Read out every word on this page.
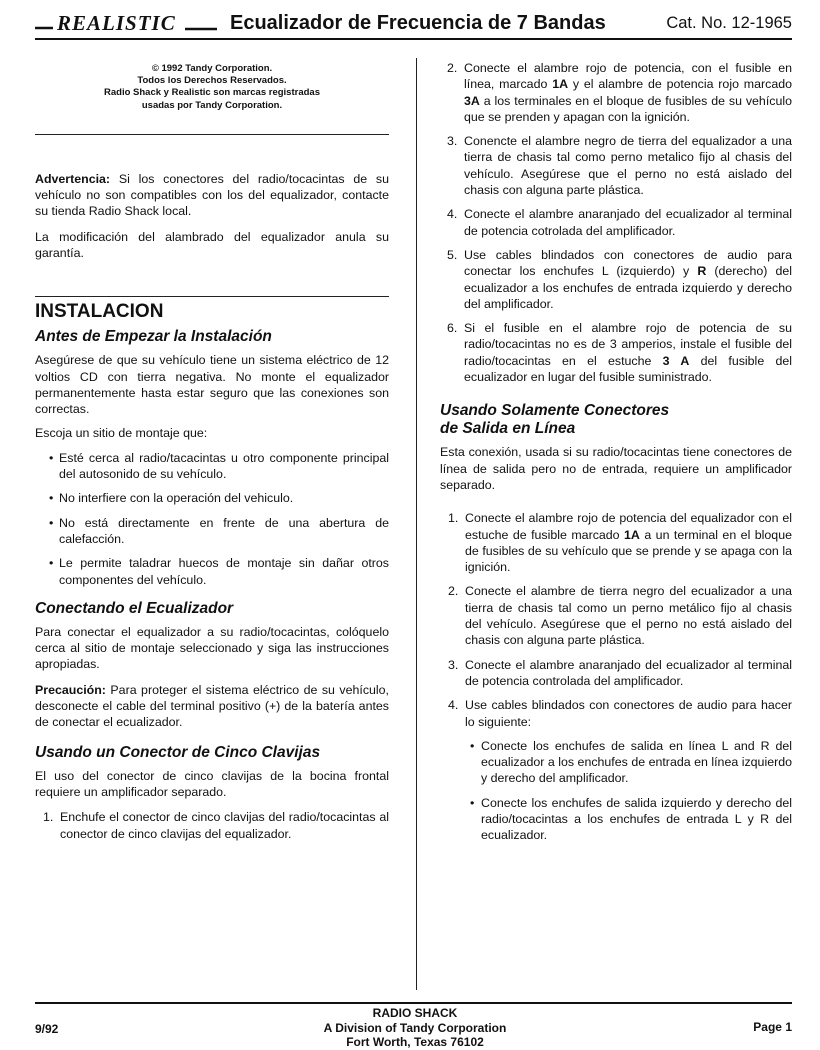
REALISTIC	Ecualizador de Frecuencia de 7 Bandas	Cat. No. 12-1965
© 1992 Tandy Corporation.
Todos los Derechos Reservados.
Radio Shack y Realistic son marcas registradas
usadas por Tandy Corporation.

Advertencia: Si los conectores del radio/tocacintas de su vehículo no son compatibles con los del equalizador, contacte su tienda Radio Shack local.

La modificación del alambrado del equalizador anula su garantía.

INSTALACION
Antes de Empezar la Instalación

Asegúrese de que su vehículo tiene un sistema eléctrico de 12 voltios CD con tierra negativa. No monte el equalizador permanentemente hasta estar seguro que las conexiones son correctas.

Escoja un sitio de montaje que:

• Esté cerca al radio/tacacintas u otro componente principal del autosonido de su vehículo.
• No interfiere con la operación del vehiculo.
• No está directamente en frente de una abertura de calefacción.
• Le permite taladrar huecos de montaje sin dañar otros componentes del vehículo.
Conectando el Ecualizador

Para conectar el equalizador a su radio/tocacintas, colóquelo cerca al sitio de montaje seleccionado y siga las instrucciones apropiadas.

Precaución: Para proteger el sistema eléctrico de su vehículo, desconecte el cable del terminal positivo (+) de la batería antes de conectar el ecualizador.

Usando un Conector de Cinco Clavijas

El uso del conector de cinco clavijas de la bocina frontal requiere un amplificador separado.

1. Enchufe el conector de cinco clavijas del radio/tocacintas al conector de cinco clavijas del equalizador.
2. Conecte el alambre rojo de potencia, con el fusible en línea, marcado 1A y el alambre de potencia rojo marcado 3A a los terminales en el bloque de fusibles de su vehículo que se prenden y apagan con la ignición.
3. Conencte el alambre negro de tierra del equalizador a una tierra de chasis tal como perno metalico fijo al chasis del vehículo. Asegúrese que el perno no está aislado del chasis con alguna parte plástica.
4. Conecte el alambre anaranjado del ecualizador al terminal de potencia cotrolada del amplificador.
5. Use cables blindados con conectores de audio para conectar los enchufes L (izquierdo) y R (derecho) del ecualizador a los enchufes de entrada izquierdo y derecho del amplificador.
6. Si el fusible en el alambre rojo de potencia de su radio/tocacintas no es de 3 amperios, instale el fusible del radio/tocacintas en el estuche 3 A del fusible del ecualizador en lugar del fusible suministrado.
Usando Solamente Conectores
de Salida en Línea

Esta conexión, usada si su radio/tocacintas tiene conectores de línea de salida pero no de entrada, requiere un amplificador separado.

1. Conecte el alambre rojo de potencia del equalizador con el estuche de fusible marcado 1A a un terminal en el bloque de fusibles de su vehículo que se prende y se apaga con la ignición.
2. Conecte el alambre de tierra negro del ecualizador a una tierra de chasis tal como un perno metálico fijo al chasis del vehículo. Asegúrese que el perno no está aislado del chasis con alguna parte plástica.
3. Conecte el alambre anaranjado del ecualizador al terminal de potencia controlada del amplificador.
4. Use cables blindados con conectores de audio para hacer lo siguiente:
• Conecte los enchufes de salida en línea L and R del ecualizador a los enchufes de entrada en línea izquierdo y derecho del amplificador.
• Conecte los enchufes de salida izquierdo y derecho del radio/tocacintas a los enchufes de entrada L y R del ecualizador.
9/92
RADIO SHACK
A Division of Tandy Corporation
Fort Worth, Texas 76102
Page 1
